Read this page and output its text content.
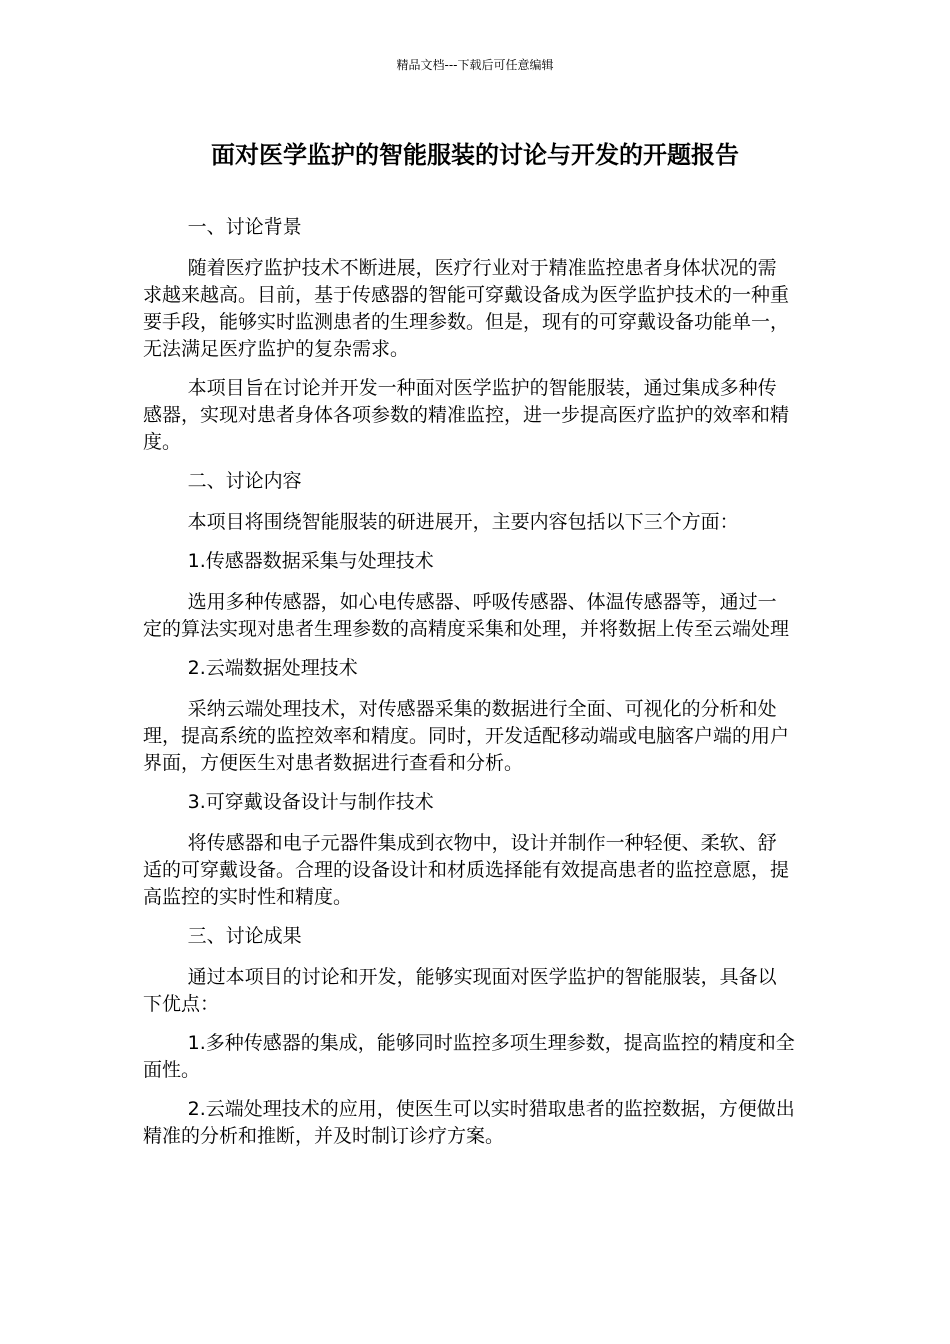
精品文档---下载后可任意编辑
面对医学监护的智能服装的讨论与开发的开题报告

一、讨论背景

随着医疗监护技术不断进展，医疗行业对于精准监控患者身体状况的需求越来越高。目前，基于传感器的智能可穿戴设备成为医学监护技术的一种重要手段，能够实时监测患者的生理参数。但是，现有的可穿戴设备功能单一，无法满足医疗监护的复杂需求。

本项目旨在讨论并开发一种面对医学监护的智能服装，通过集成多种传感器，实现对患者身体各项参数的精准监控，进一步提高医疗监护的效率和精度。

二、讨论内容

本项目将围绕智能服装的研进展开，主要内容包括以下三个方面：

1.传感器数据采集与处理技术

选用多种传感器，如心电传感器、呼吸传感器、体温传感器等，通过一定的算法实现对患者生理参数的高精度采集和处理，并将数据上传至云端处理

2.云端数据处理技术

采纳云端处理技术，对传感器采集的数据进行全面、可视化的分析和处理，提高系统的监控效率和精度。同时，开发适配移动端或电脑客户端的用户界面，方便医生对患者数据进行查看和分析。

3.可穿戴设备设计与制作技术

将传感器和电子元器件集成到衣物中，设计并制作一种轻便、柔软、舒适的可穿戴设备。合理的设备设计和材质选择能有效提高患者的监控意愿，提高监控的实时性和精度。

三、讨论成果

通过本项目的讨论和开发，能够实现面对医学监护的智能服装，具备以下优点：

1.多种传感器的集成，能够同时监控多项生理参数，提高监控的精度和全面性。

2.云端处理技术的应用，使医生可以实时猎取患者的监控数据，方便做出精准的分析和推断，并及时制订诊疗方案。
